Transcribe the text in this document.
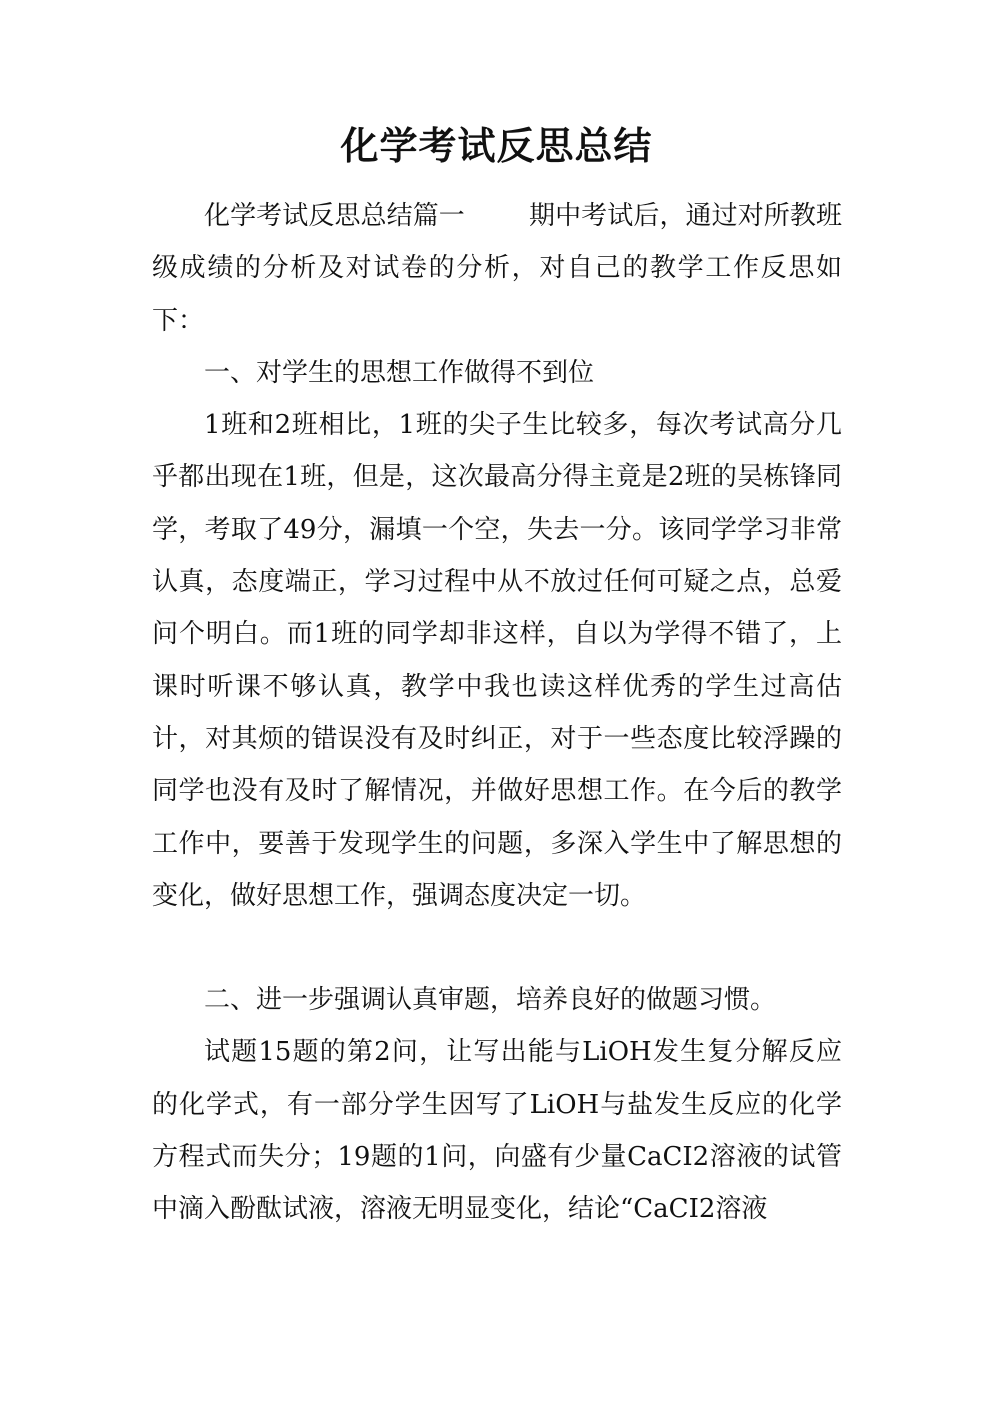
化学考试反思总结

化学考试反思总结篇一 期中考试后，通过对所教班级成绩的分析及对试卷的分析，对自己的教学工作反思如下：

一、对学生的思想工作做得不到位

1班和2班相比，1班的尖子生比较多，每次考试高分几乎都出现在1班，但是，这次最高分得主竟是2班的吴栋锋同学，考取了49分，漏填一个空，失去一分。该同学学习非常认真，态度端正，学习过程中从不放过任何可疑之点，总爱问个明白。而1班的同学却非这样，自以为学得不错了，上课时听课不够认真，教学中我也读这样优秀的学生过高估计，对其烦的错误没有及时纠正，对于一些态度比较浮躁的同学也没有及时了解情况，并做好思想工作。在今后的教学工作中，要善于发现学生的问题，多深入学生中了解思想的变化，做好思想工作，强调态度决定一切。

二、进一步强调认真审题，培养良好的做题习惯。

试题15题的第2问，让写出能与LiOH发生复分解反应的化学式，有一部分学生因写了LiOH与盐发生反应的化学方程式而失分；19题的1问，向盛有少量CaCI2溶液的试管中滴入酚酞试液，溶液无明显变化，结论“CaCI2溶液
